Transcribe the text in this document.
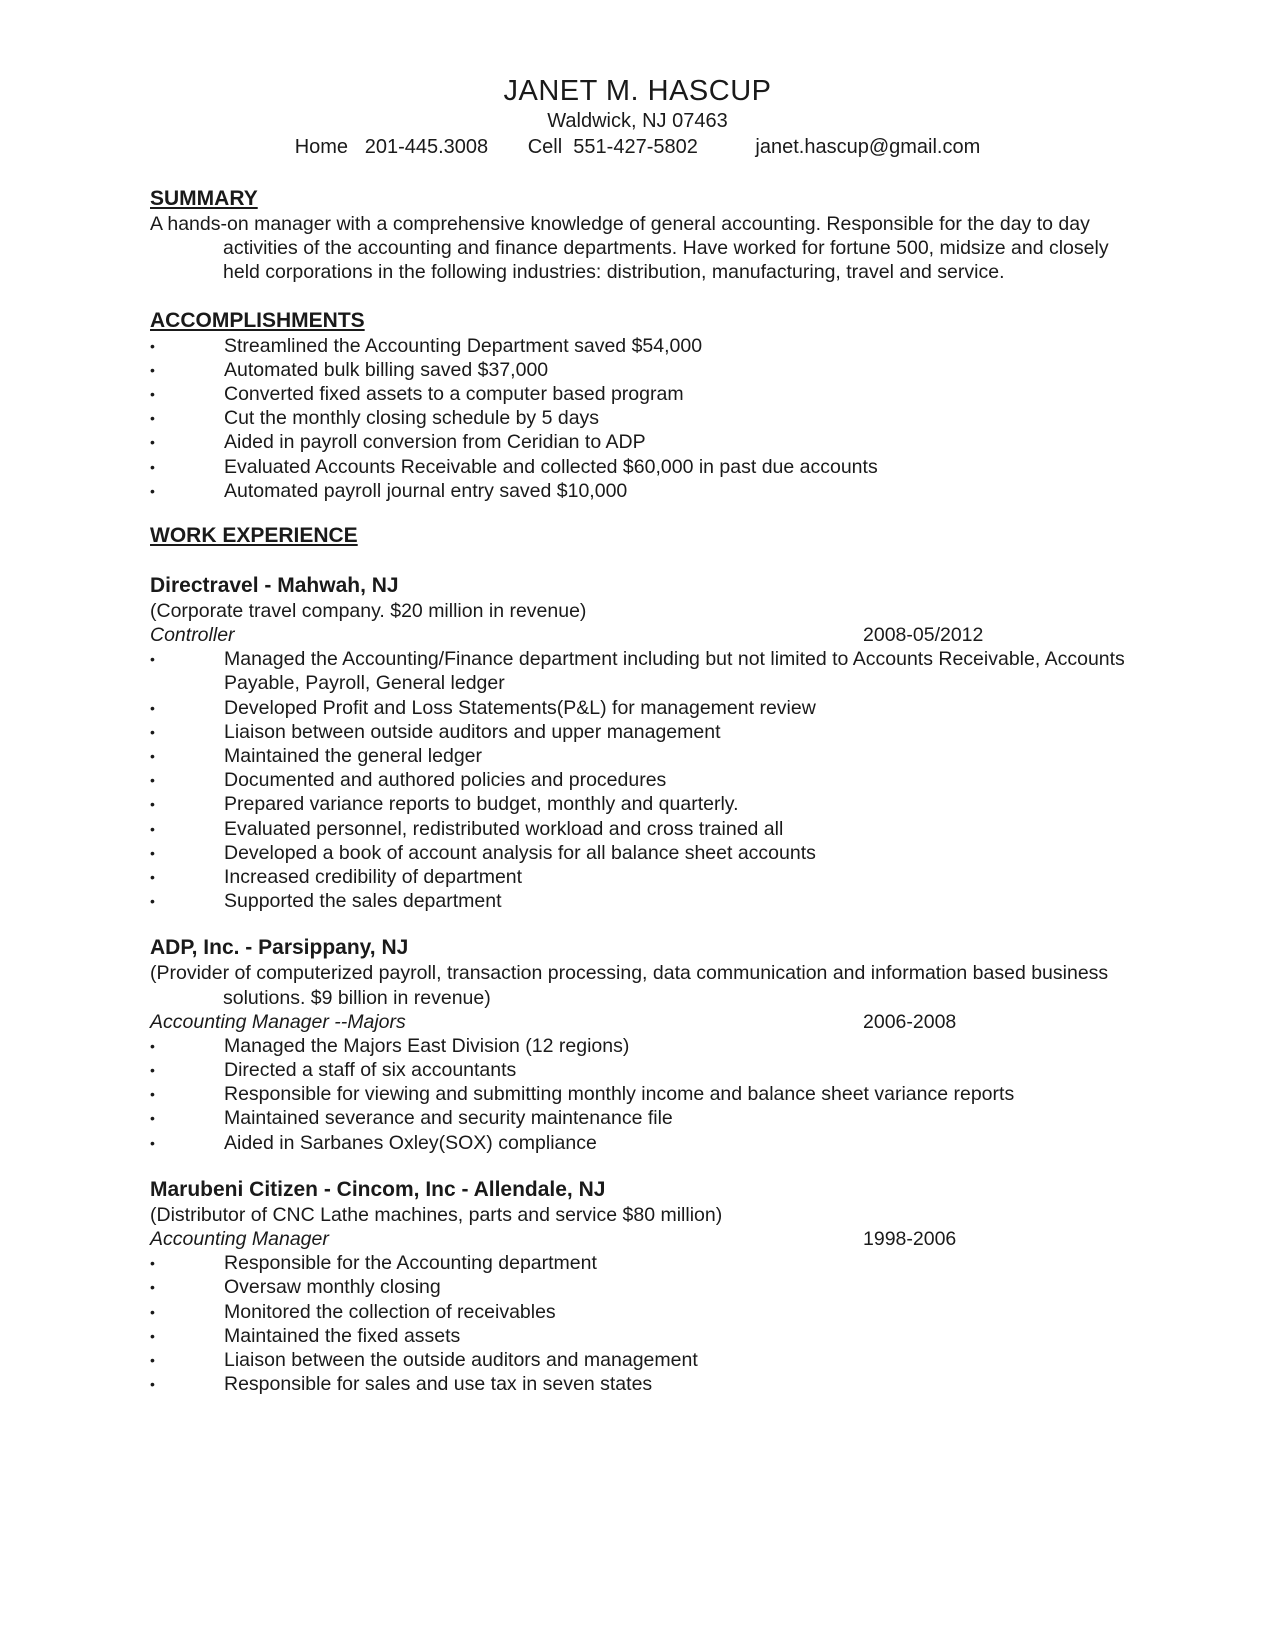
JANET M. HASCUP
Waldwick, NJ 07463
Home   201-445.3008 Cell  551-427-5802	janet.hascup@gmail.com
SUMMARY

A hands-on manager with a comprehensive knowledge of general accounting. Responsible for the day to day activities of the accounting and finance departments. Have worked for fortune 500, midsize and closely held corporations in the following industries: distribution, manufacturing, travel and service.

ACCOMPLISHMENTS
•	Streamlined the Accounting Department saved $54,000
•	Automated bulk billing saved $37,000
•	Converted fixed assets to a computer based program
•	Cut the monthly closing schedule by 5 days
•	Aided in payroll conversion from Ceridian to ADP
•	Evaluated Accounts Receivable and collected $60,000 in past due accounts
•	Automated payroll journal entry saved $10,000
WORK EXPERIENCE
Directravel - Mahwah, NJ

(Corporate travel company. $20 million in revenue)

Controller	2008-05/2012
•	Managed the Accounting/Finance department including but not limited to Accounts Receivable, Accounts Payable, Payroll, General ledger
•	Developed Profit and Loss Statements(P&L) for management review
•	Liaison between outside auditors and upper management
•	Maintained the general ledger
•	Documented and authored policies and procedures
•	Prepared variance reports to budget, monthly and quarterly.
•	Evaluated personnel, redistributed workload and cross trained all
•	Developed a book of account analysis for all balance sheet accounts
•	Increased credibility of department
•	Supported the sales department
ADP, Inc. - Parsippany, NJ

(Provider of computerized payroll, transaction processing, data communication and information based business solutions. $9 billion in revenue)

Accounting Manager --Majors	2006-2008
•	Managed the Majors East Division (12 regions)
•	Directed a staff of six accountants
•	Responsible for viewing and submitting monthly income and balance sheet variance reports
•	Maintained severance and security maintenance file
•	Aided in Sarbanes Oxley(SOX) compliance
Marubeni Citizen - Cincom, Inc - Allendale, NJ

(Distributor of CNC Lathe machines, parts and service $80 million)

Accounting Manager	1998-2006
•	Responsible for the Accounting department
•	Oversaw monthly closing
•	Monitored the collection of receivables
•	Maintained the fixed assets
•	Liaison between the outside auditors and management
•	Responsible for sales and use tax in seven states
